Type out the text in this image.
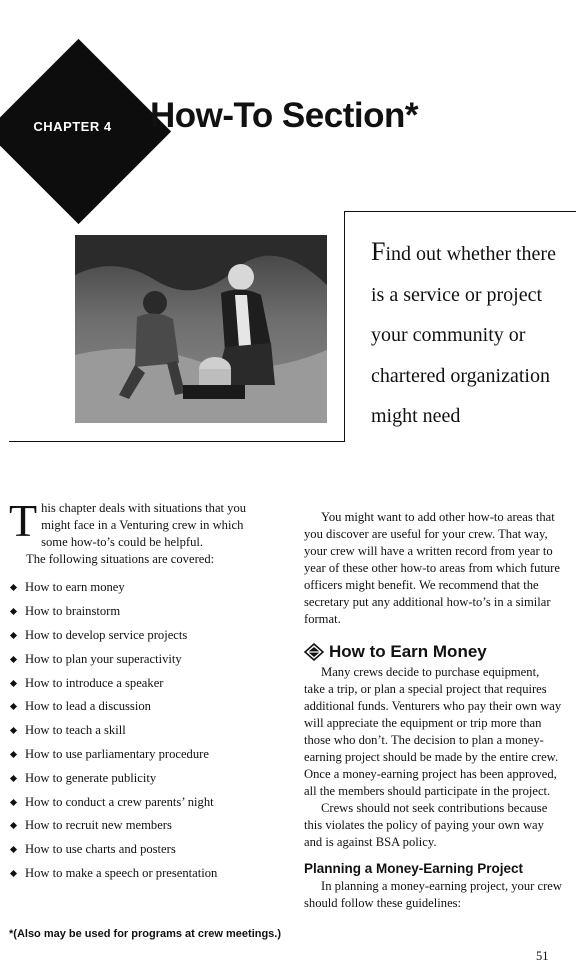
CHAPTER 4	How-To Section*

Find out whether there is a service or project your community or chartered organization might need

This chapter deals with situations that you might face in a Venturing crew in which some how-to’s could be helpful.

The following situations are covered:

How to earn money
How to brainstorm
How to develop service projects
How to plan your superactivity
How to introduce a speaker
How to lead a discussion
How to teach a skill
How to use parliamentary procedure
How to generate publicity
How to conduct a crew parents’ night
How to recruit new members
How to use charts and posters
How to make a speech or presentation

You might want to add other how-to areas that you discover are useful for your crew. That way, your crew will have a written record from year to year of these other how-to areas from which future officers might benefit. We recommend that the secretary put any additional how-to’s in a similar format.

How to Earn Money

Many crews decide to purchase equipment, take a trip, or plan a special project that requires additional funds. Venturers who pay their own way will appreciate the equipment or trip more than those who don’t. The decision to plan a money-earning project should be made by the entire crew. Once a money-earning project has been approved, all the members should participate in the project.

Crews should not seek contributions because this violates the policy of paying your own way and is against BSA policy.

Planning a Money-Earning Project

In planning a money-earning project, your crew should follow these guidelines:

*(Also may be used for programs at crew meetings.)
51
